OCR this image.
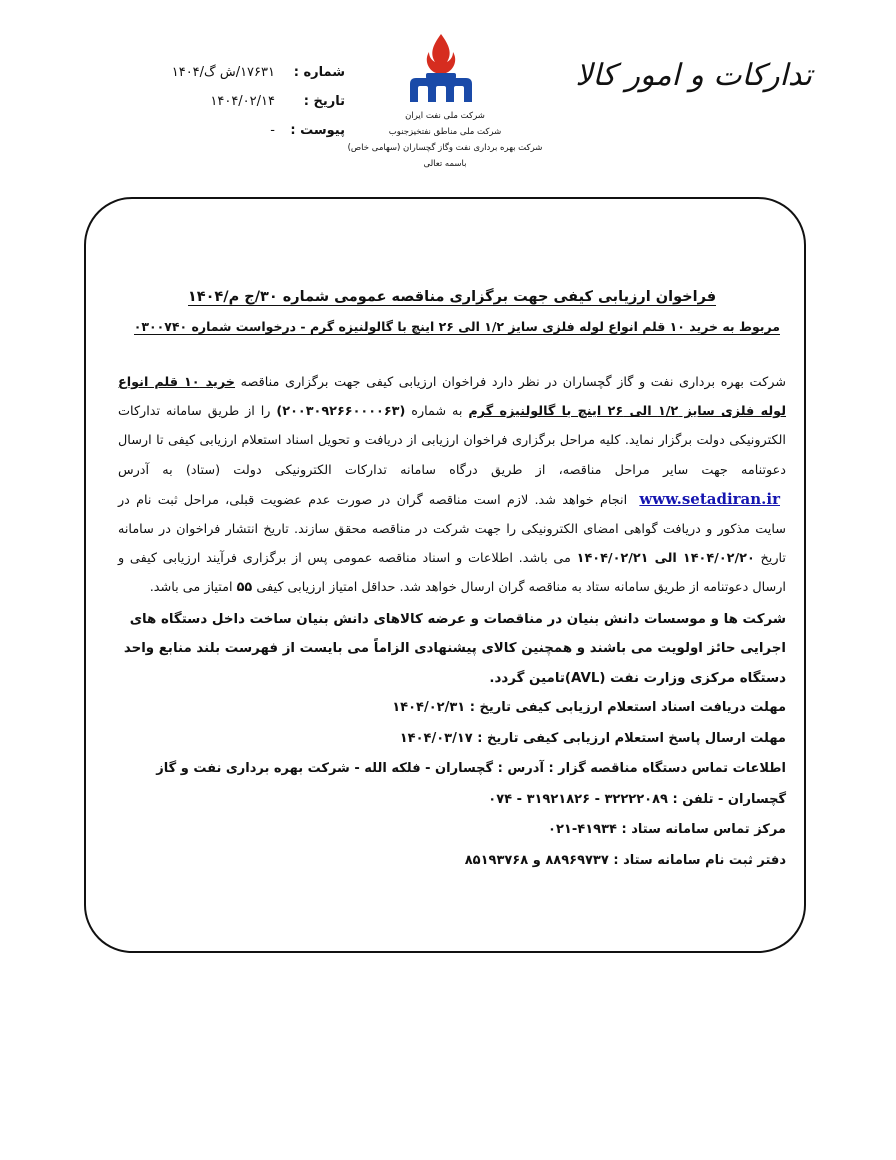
تدارکات و امور کالا
شماره :
۱۷۶۳۱/ش گ/۱۴۰۴
تاریخ :
۱۴۰۴/۰۲/۱۴
پیوست :
-
شرکت ملی نفت ایران
شرکت ملی مناطق نفتخیزجنوب
شرکت بهره برداری نفت وگاز گچساران (سهامی خاص)
باسمه تعالی
فراخوان ارزیابی کیفی جهت برگزاری مناقصه عمومی شماره ۳۰/ج م/۱۴۰۴
مربوط به خرید ۱۰ قلم انواع لوله فلزی سایز ۱/۲ الی ۲۶ اینچ با گالولنیزه گرم - درخواست شماره ۰۳۰۰۷۴۰
شرکت بهره برداری نفت و گاز گچساران در نظر دارد فراخوان ارزیابی کیفی جهت برگزاری مناقصه خرید ۱۰ قلم انواع لوله فلزی سایز ۱/۲ الی ۲۶ اینچ با گالولنیزه گرم به شماره (۲۰۰۳۰۹۲۶۶۰۰۰۰۶۳) را از طریق سامانه تدارکات الکترونیکی دولت برگزار نماید. کلیه مراحل برگزاری فراخوان ارزیابی از دریافت و تحویل اسناد استعلام ارزیابی کیفی تا ارسال دعوتنامه جهت سایر مراحل مناقصه، از طریق درگاه سامانه تدارکات الکترونیکی دولت (ستاد) به آدرس www.setadiran.ir انجام خواهد شد. لازم است مناقصه گران در صورت عدم عضویت قبلی، مراحل ثبت نام در سایت مذکور و دریافت گواهی امضای الکترونیکی را جهت شرکت در مناقصه محقق سازند. تاریخ انتشار فراخوان در سامانه تاریخ ۱۴۰۴/۰۲/۲۰ الی ۱۴۰۴/۰۲/۲۱ می باشد. اطلاعات و اسناد مناقصه عمومی پس از برگزاری فرآیند ارزیابی کیفی و ارسال دعوتنامه از طریق سامانه ستاد به مناقصه گران ارسال خواهد شد. حداقل امتیاز ارزیابی کیفی ۵۵ امتیاز می باشد.
شرکت ها و موسسات دانش بنیان در مناقصات و عرضه کالاهای دانش بنیان ساخت داخل دستگاه های اجرایی حائز اولویت می باشند و همچنین کالای پیشنهادی الزاماً می بایست از فهرست بلند منابع واحد دستگاه مرکزی وزارت نفت (AVL)تامین گردد.
مهلت دریافت اسناد استعلام ارزیابی کیفی تاریخ : ۱۴۰۴/۰۲/۳۱
مهلت ارسال پاسخ استعلام ارزیابی کیفی تاریخ : ۱۴۰۴/۰۳/۱۷
اطلاعات تماس دستگاه مناقصه گزار : آدرس : گچساران - فلکه الله - شرکت بهره برداری نفت و گاز گچساران - تلفن : ۳۲۲۲۲۰۸۹ - ۳۱۹۲۱۸۲۶ - ۰۷۴
مرکز تماس سامانه ستاد : ۴۱۹۳۴-۰۲۱
دفتر ثبت نام سامانه ستاد : ۸۸۹۶۹۷۳۷ و ۸۵۱۹۳۷۶۸
